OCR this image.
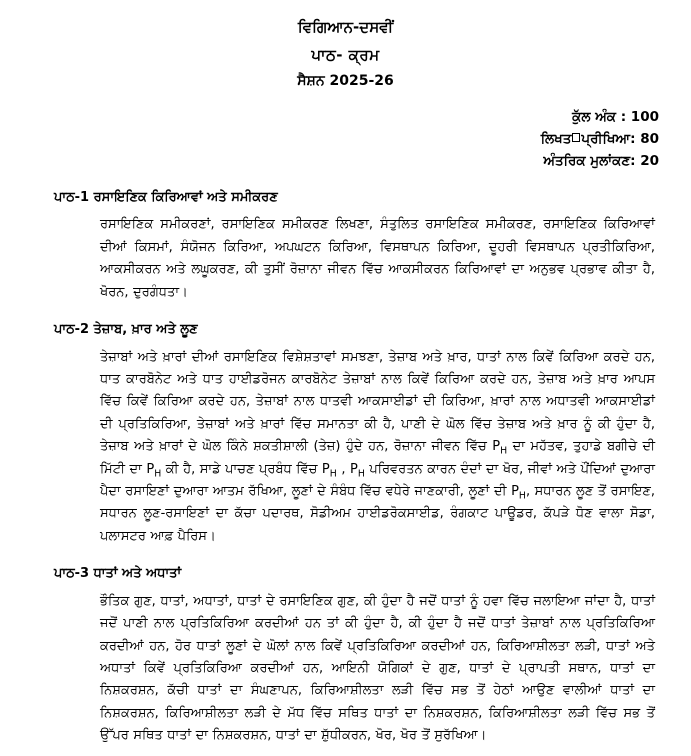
ਵਿਗਿਆਨ-ਦਸਵੀਂ
ਪਾਠ- ਕ੍ਰਮ
ਸੈਸ਼ਨ 2025-26
ਕੁੱਲ ਅੰਕ : 100
ਲਿਖਤ ਪ੍ਰੀਖਿਆ: 80
ਅੰਤਰਿਕ ਮੁਲਾਂਕਣ: 20
ਪਾਠ-1 ਰਸਾਇਣਿਕ ਕਿਰਿਆਵਾਂ ਅਤੇ ਸਮੀਕਰਣ
ਰਸਾਇਣਿਕ ਸਮੀਕਰਣਾਂ, ਰਸਾਇਣਿਕ ਸਮੀਕਰਣ ਲਿਖਣਾ, ਸੰਤੁਲਿਤ ਰਸਾਇਣਿਕ ਸਮੀਕਰਣ, ਰਸਾਇਣਿਕ ਕਿਰਿਆਵਾਂ ਦੀਆਂ ਕਿਸਮਾਂ, ਸੰਯੋਜਨ ਕਿਰਿਆ, ਅਪਘਟਨ ਕਿਰਿਆ, ਵਿਸਥਾਪਨ ਕਿਰਿਆ, ਦੂਹਰੀ ਵਿਸਥਾਪਨ ਪ੍ਰਤੀਕਿਰਿਆ, ਆਕਸੀਕਰਨ ਅਤੇ ਲਘੂਕਰਣ, ਕੀ ਤੁਸੀਂ ਰੋਜ਼ਾਨਾ ਜੀਵਨ ਵਿੱਚ ਆਕਸੀਕਰਨ ਕਿਰਿਆਵਾਂ ਦਾ ਅਨੁਭਵ ਪ੍ਰਭਾਵ ਕੀਤਾ ਹੈ, ਖੋਰਨ, ਦੁਰਗੰਧਤਾ।
ਪਾਠ-2 ਤੇਜ਼ਾਬ, ਖ਼ਾਰ ਅਤੇ ਲੂਣ
ਤੇਜ਼ਾਬਾਂ ਅਤੇ ਖ਼ਾਰਾਂ ਦੀਆਂ ਰਸਾਇਣਿਕ ਵਿਸ਼ੇਸ਼ਤਾਵਾਂ ਸਮਝਣਾ, ਤੇਜ਼ਾਬ ਅਤੇ ਖ਼ਾਰ, ਧਾਤਾਂ ਨਾਲ ਕਿਵੇਂ ਕਿਰਿਆ ਕਰਦੇ ਹਨ, ਧਾਤ ਕਾਰਬੋਨੇਟ ਅਤੇ ਧਾਤ ਹਾਈਡਰੋਜਨ ਕਾਰਬੋਨੇਟ ਤੇਜ਼ਾਬਾਂ ਨਾਲ ਕਿਵੇਂ ਕਿਰਿਆ ਕਰਦੇ ਹਨ, ਤੇਜ਼ਾਬ ਅਤੇ ਖ਼ਾਰ ਆਪਸ ਵਿੱਚ ਕਿਵੇਂ ਕਿਰਿਆ ਕਰਦੇ ਹਨ, ਤੇਜ਼ਾਬਾਂ ਨਾਲ ਧਾਤਵੀ ਆਕਸਾਈਡਾਂ ਦੀ ਕਿਰਿਆ, ਖ਼ਾਰਾਂ ਨਾਲ ਅਧਾਤਵੀ ਆਕਸਾਈਡਾਂ ਦੀ ਪ੍ਰਤਿਕਿਰਿਆ, ਤੇਜ਼ਾਬਾਂ ਅਤੇ ਖ਼ਾਰਾਂ ਵਿੱਚ ਸਮਾਨਤਾ ਕੀ ਹੈ, ਪਾਣੀ ਦੇ ਘੋਲ ਵਿੱਚ ਤੇਜ਼ਾਬ ਅਤੇ ਖ਼ਾਰ ਨੂੰ ਕੀ ਹੁੰਦਾ ਹੈ, ਤੇਜ਼ਾਬ ਅਤੇ ਖ਼ਾਰਾਂ ਦੇ ਘੋਲ ਕਿੰਨੇ ਸ਼ਕਤੀਸ਼ਾਲੀ (ਤੇਜ਼) ਹੁੰਦੇ ਹਨ, ਰੋਜ਼ਾਨਾ ਜੀਵਨ ਵਿੱਚ $P_H$ ਦਾ ਮਹੱਤਵ, ਤੁਹਾਡੇ ਬਗੀਚੇ ਦੀ ਮਿੱਟੀ ਦਾ $P_H$ ਕੀ ਹੈ, ਸਾਡੇ ਪਾਚਣ ਪ੍ਰਬੰਧ ਵਿੱਚ $P_H$ , $P_H$ ਪਰਿਵਰਤਨ ਕਾਰਨ ਦੰਦਾਂ ਦਾ ਖੋਰ, ਜੀਵਾਂ ਅਤੇ ਪੌਂਦਿਆਂ ਦੁਆਰਾ ਪੈਦਾ ਰਸਾਇਣਾਂ ਦੁਆਰਾ ਆਤਮ ਰੱਖਿਆ, ਲੂਣਾਂ ਦੇ ਸੰਬੰਧ ਵਿੱਚ ਵਧੇਰੇ ਜਾਣਕਾਰੀ, ਲੂਣਾਂ ਦੀ $P_H$, ਸਧਾਰਨ ਲੂਣ ਤੋਂ ਰਸਾਇਣ, ਸਧਾਰਨ ਲੂਣ-ਰਸਾਇਣਾਂ ਦਾ ਕੱਚਾ ਪਦਾਰਥ, ਸੋਡੀਅਮ ਹਾਈਡਰੋਕਸਾਈਡ, ਰੰਗਕਾਟ ਪਾਊਡਰ, ਕੱਪੜੇ ਧੋਣ ਵਾਲਾ ਸੋਡਾ, ਪਲਾਸਟਰ ਆਫ਼ ਪੈਰਿਸ।
ਪਾਠ-3 ਧਾਤਾਂ ਅਤੇ ਅਧਾਤਾਂ
ਭੌਤਿਕ ਗੁਣ, ਧਾਤਾਂ, ਅਧਾਤਾਂ, ਧਾਤਾਂ ਦੇ ਰਸਾਇਣਿਕ ਗੁਣ, ਕੀ ਹੁੰਦਾ ਹੈ ਜਦੋਂ ਧਾਤਾਂ ਨੂੰ ਹਵਾ ਵਿੱਚ ਜਲਾਇਆ ਜਾਂਦਾ ਹੈ, ਧਾਤਾਂ ਜਦੋਂ ਪਾਣੀ ਨਾਲ ਪ੍ਰਤਿਕਿਰਿਆ ਕਰਦੀਆਂ ਹਨ ਤਾਂ ਕੀ ਹੁੰਦਾ ਹੈ, ਕੀ ਹੁੰਦਾ ਹੈ ਜਦੋਂ ਧਾਤਾਂ ਤੇਜ਼ਾਬਾਂ ਨਾਲ ਪ੍ਰਤਿਕਿਰਿਆ ਕਰਦੀਆਂ ਹਨ, ਹੋਰ ਧਾਤਾਂ ਲੂਣਾਂ ਦੇ ਘੋਲਾਂ ਨਾਲ ਕਿਵੇਂ ਪ੍ਰਤਿਕਿਰਿਆ ਕਰਦੀਆਂ ਹਨ, ਕਿਰਿਆਸ਼ੀਲਤਾ ਲੜੀ, ਧਾਤਾਂ ਅਤੇ ਅਧਾਤਾਂ ਕਿਵੇਂ ਪ੍ਰਤਿਕਿਰਿਆ ਕਰਦੀਆਂ ਹਨ, ਆਇਨੀ ਯੋਗਿਕਾਂ ਦੇ ਗੁਣ, ਧਾਤਾਂ ਦੇ ਪ੍ਰਾਪਤੀ ਸਥਾਨ, ਧਾਤਾਂ ਦਾ ਨਿਸ਼ਕਰਸ਼ਨ, ਕੱਚੀ ਧਾਤਾਂ ਦਾ ਸੰਘਣਾਪਨ, ਕਿਰਿਆਸ਼ੀਲਤਾ ਲੜੀ ਵਿੱਚ ਸਭ ਤੋਂ ਹੇਠਾਂ ਆਉਣ ਵਾਲੀਆਂ ਧਾਤਾਂ ਦਾ ਨਿਸ਼ਕਰਸ਼ਨ, ਕਿਰਿਆਸ਼ੀਲਤਾ ਲੜੀ ਦੇ ਮੱਧ ਵਿੱਚ ਸਥਿਤ ਧਾਤਾਂ ਦਾ ਨਿਸ਼ਕਰਸ਼ਨ, ਕਿਰਿਆਸ਼ੀਲਤਾ ਲੜੀ ਵਿੱਚ ਸਭ ਤੋਂ ਉੱਪਰ ਸਥਿਤ ਧਾਤਾਂ ਦਾ ਨਿਸ਼ਕਰਸ਼ਨ, ਧਾਤਾਂ ਦਾ ਸ਼ੁੱਧੀਕਰਨ, ਖੋਰ, ਖੋਰ ਤੋਂ ਸੁਰੱਖਿਆ।
